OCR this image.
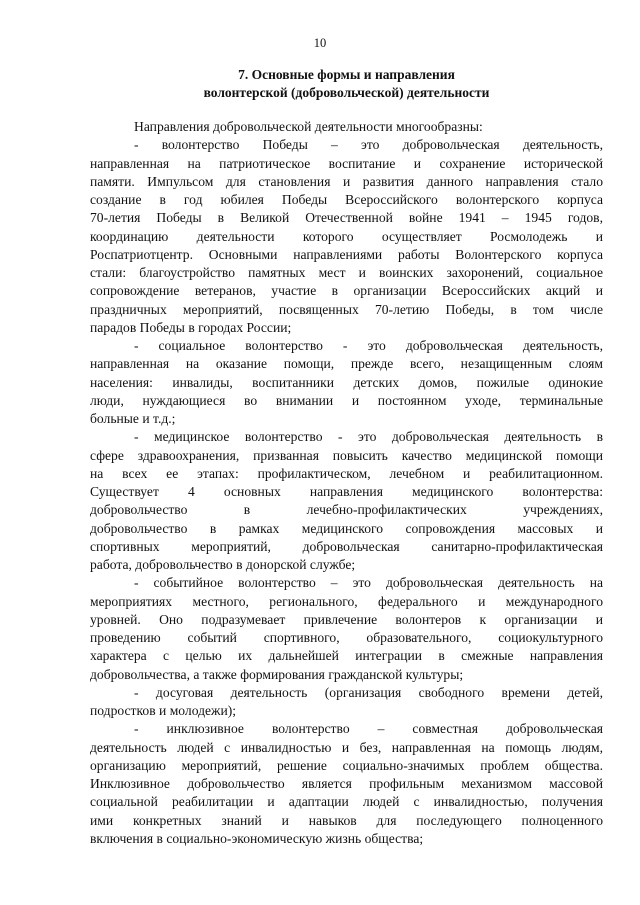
10
7. Основные формы и направления
волонтерской (добровольческой) деятельности
Направления добровольческой деятельности многообразны:
- волонтерство Победы – это добровольческая деятельность,
направленная на патриотическое воспитание и сохранение исторической
памяти. Импульсом для становления и развития данного направления стало
создание в год юбилея Победы Всероссийского волонтерского корпуса
70-летия Победы в Великой Отечественной войне 1941 – 1945 годов,
координацию деятельности которого осуществляет Росмолодежь и
Роспатриотцентр. Основными направлениями работы Волонтерского корпуса
стали: благоустройство памятных мест и воинских захоронений, социальное
сопровождение ветеранов, участие в организации Всероссийских акций и
праздничных мероприятий, посвященных 70-летию Победы, в том числе
парадов Победы в городах России;
- социальное волонтерство - это добровольческая деятельность,
направленная на оказание помощи, прежде всего, незащищенным слоям
населения: инвалиды, воспитанники детских домов, пожилые одинокие
люди, нуждающиеся во внимании и постоянном уходе, терминальные
больные и т.д.;
- медицинское волонтерство - это добровольческая деятельность в
сфере здравоохранения, призванная повысить качество медицинской помощи
на всех ее этапах: профилактическом, лечебном и реабилитационном.
Существует 4 основных направления медицинского волонтерства:
добровольчество в лечебно-профилактических учреждениях,
добровольчество в рамках медицинского сопровождения массовых и
спортивных мероприятий, добровольческая санитарно-профилактическая
работа, добровольчество в донорской службе;
- событийное волонтерство – это добровольческая деятельность на
мероприятиях местного, регионального, федерального и международного
уровней. Оно подразумевает привлечение волонтеров к организации и
проведению событий спортивного, образовательного, социокультурного
характера с целью их дальнейшей интеграции в смежные направления
добровольчества, а также формирования гражданской культуры;
- досуговая деятельность (организация свободного времени детей,
подростков и молодежи);
- инклюзивное волонтерство – совместная добровольческая
деятельность людей с инвалидностью и без, направленная на помощь людям,
организацию мероприятий, решение социально-значимых проблем общества.
Инклюзивное добровольчество является профильным механизмом массовой
социальной реабилитации и адаптации людей с инвалидностью, получения
ими конкретных знаний и навыков для последующего полноценного
включения в социально-экономическую жизнь общества;
